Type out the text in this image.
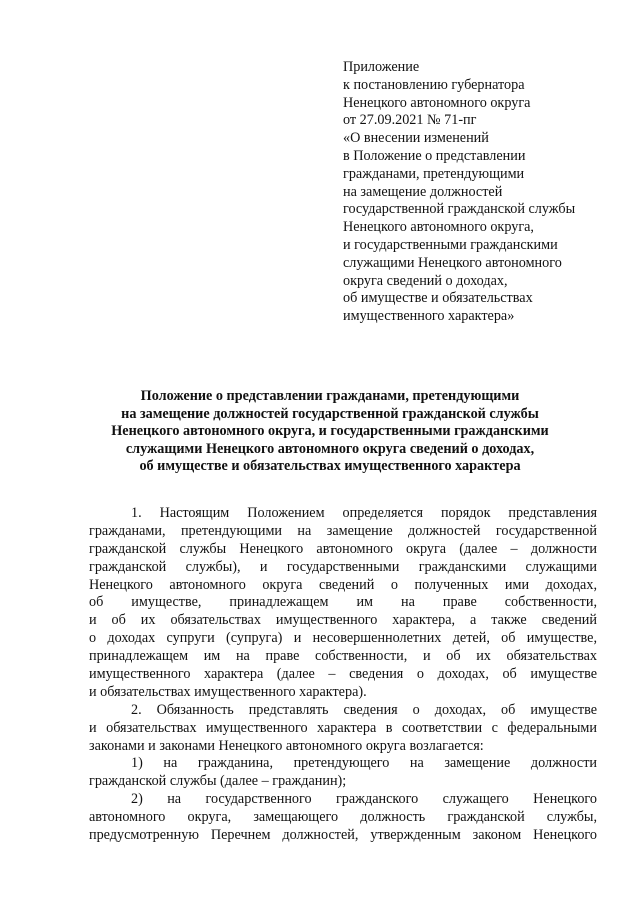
Приложение
к постановлению губернатора
Ненецкого автономного округа
от 27.09.2021 № 71-пг
«О внесении изменений
в Положение о представлении
гражданами, претендующими
на замещение должностей
государственной гражданской службы
Ненецкого автономного округа,
и государственными гражданскими
служащими Ненецкого автономного
округа сведений о доходах,
об имуществе и обязательствах
имущественного характера»
Положение о представлении гражданами, претендующими
на замещение должностей государственной гражданской службы
Ненецкого автономного округа, и государственными гражданскими
служащими Ненецкого автономного округа сведений о доходах,
об имуществе и обязательствах имущественного характера
1. Настоящим Положением определяется порядок представления
гражданами, претендующими на замещение должностей государственной
гражданской службы Ненецкого автономного округа (далее – должности
гражданской службы), и государственными гражданскими служащими
Ненецкого автономного округа сведений о полученных ими доходах,
об имуществе, принадлежащем им на праве собственности,
и об их обязательствах имущественного характера, а также сведений
о доходах супруги (супруга) и несовершеннолетних детей, об имуществе,
принадлежащем им на праве собственности, и об их обязательствах
имущественного характера (далее – сведения о доходах, об имуществе
и обязательствах имущественного характера).
2. Обязанность представлять сведения о доходах, об имуществе
и обязательствах имущественного характера в соответствии с федеральными
законами и законами Ненецкого автономного округа возлагается:
1) на гражданина, претендующего на замещение должности
гражданской службы (далее – гражданин);
2) на государственного гражданского служащего Ненецкого
автономного округа, замещающего должность гражданской службы,
предусмотренную Перечнем должностей, утвержденным законом Ненецкого
